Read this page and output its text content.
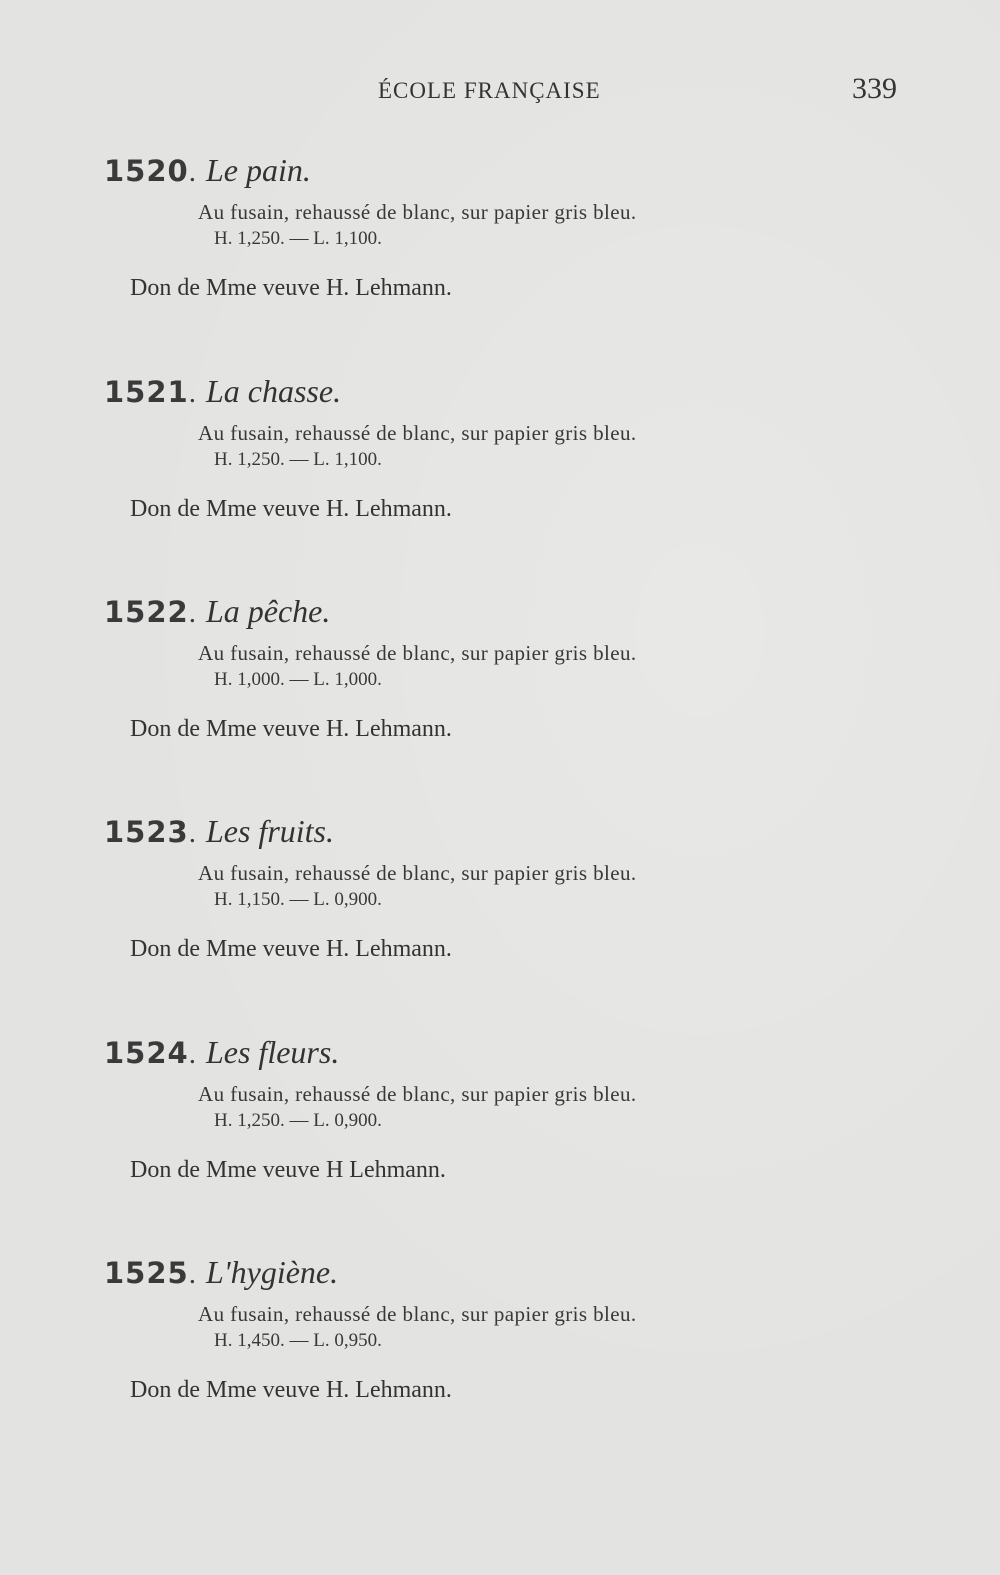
ÉCOLE FRANÇAISE	339
1520. Le pain.
Au fusain, rehaussé de blanc, sur papier gris bleu.
H. 1,250. — L. 1,100.
Don de Mme veuve H. Lehmann.
1521. La chasse.
Au fusain, rehaussé de blanc, sur papier gris bleu.
H. 1,250. — L. 1,100.
Don de Mme veuve H. Lehmann.
1522. La pêche.
Au fusain, rehaussé de blanc, sur papier gris bleu.
H. 1,000. — L. 1,000.
Don de Mme veuve H. Lehmann.
1523. Les fruits.
Au fusain, rehaussé de blanc, sur papier gris bleu.
H. 1,150. — L. 0,900.
Don de Mme veuve H. Lehmann.
1524. Les fleurs.
Au fusain, rehaussé de blanc, sur papier gris bleu.
H. 1,250. — L. 0,900.
Don de Mme veuve H Lehmann.
1525. L'hygiène.
Au fusain, rehaussé de blanc, sur papier gris bleu.
H. 1,450. — L. 0,950.
Don de Mme veuve H. Lehmann.
